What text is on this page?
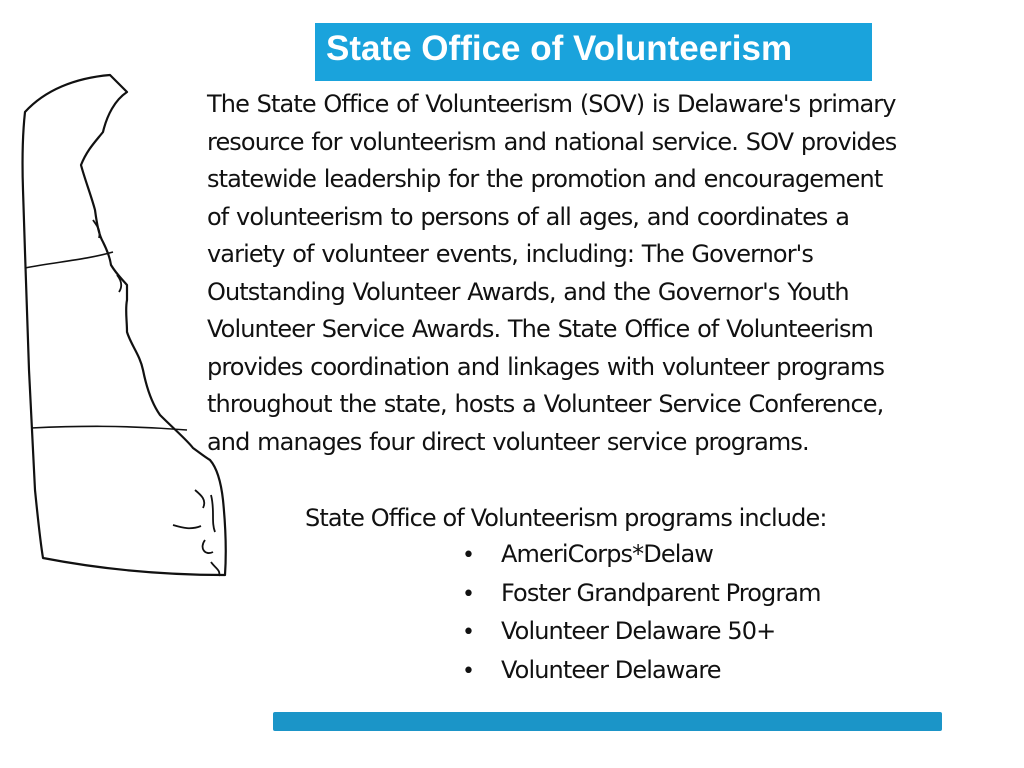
State Office of Volunteerism

The State Office of Volunteerism (SOV) is Delaware's primary
resource for volunteerism and national service. SOV provides
statewide leadership for the promotion and encouragement
of volunteerism to persons of all ages, and coordinates a
variety of volunteer events, including: The Governor's
Outstanding Volunteer Awards, and the Governor's Youth
Volunteer Service Awards. The State Office of Volunteerism
provides coordination and linkages with volunteer programs
throughout the state, hosts a Volunteer Service Conference,
and manages four direct volunteer service programs.

State Office of Volunteerism programs include:
•	AmeriCorps*Delaw
•	Foster Grandparent Program
•	Volunteer Delaware 50+
•	Volunteer Delaware
